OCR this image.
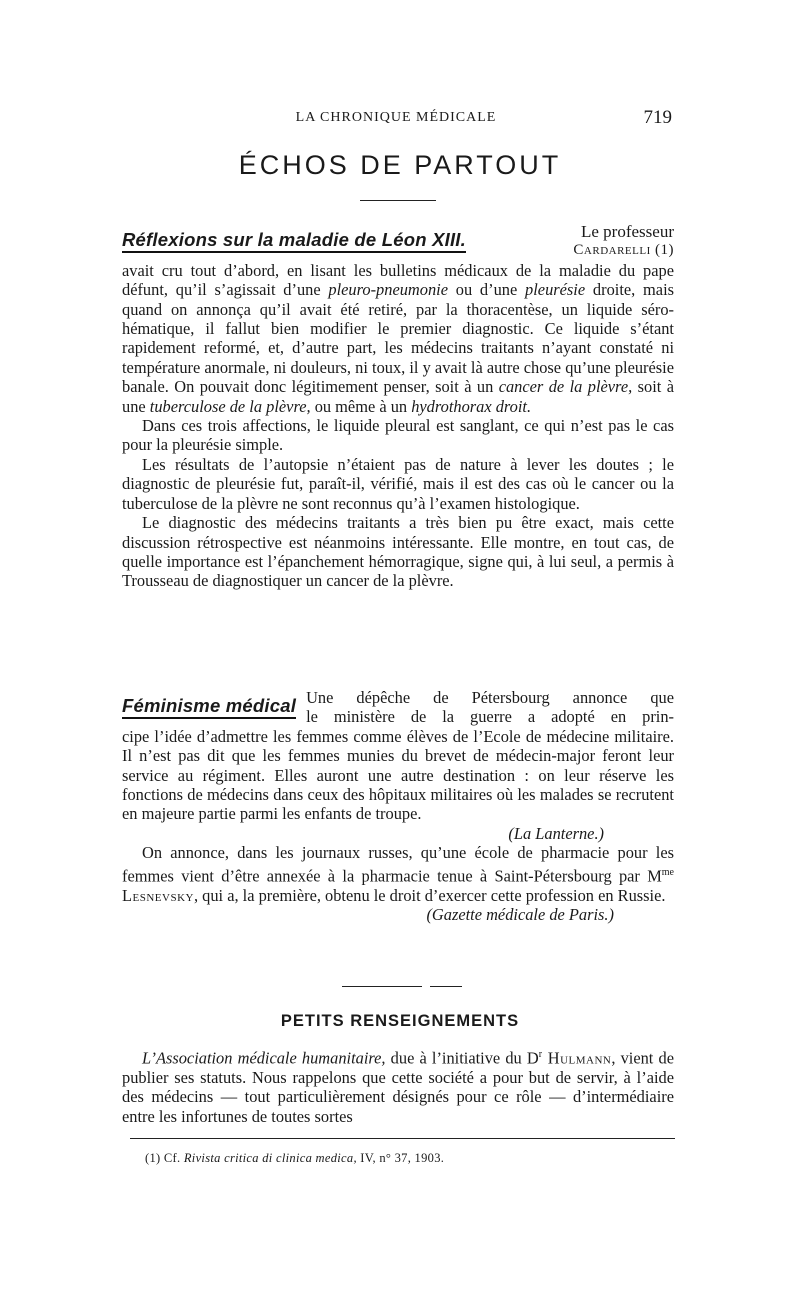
LA CHRONIQUE MÉDICALE	719
ÉCHOS DE PARTOUT
Réflexions sur la maladie de Léon XIII.	Le professeur
Cardarelli (1)

avait cru tout d’abord, en lisant les bulletins médicaux de la maladie du pape défunt, qu’il s’agissait d’une pleuro-pneumonie ou d’une pleurésie droite, mais quand on annonça qu’il avait été retiré, par la thoracentèse, un liquide séro-hématique, il fallut bien modifier le premier diagnostic. Ce liquide s’étant rapidement reformé, et, d’autre part, les médecins traitants n’ayant constaté ni température anormale, ni douleurs, ni toux, il y avait là autre chose qu’une pleurésie banale. On pouvait donc légitimement penser, soit à un cancer de la plèvre, soit à une tuberculose de la plèvre, ou même à un hydrothorax droit.

Dans ces trois affections, le liquide pleural est sanglant, ce qui n’est pas le cas pour la pleurésie simple.

Les résultats de l’autopsie n’étaient pas de nature à lever les doutes ; le diagnostic de pleurésie fut, paraît-il, vérifié, mais il est des cas où le cancer ou la tuberculose de la plèvre ne sont reconnus qu’à l’examen histologique.

Le diagnostic des médecins traitants a très bien pu être exact, mais cette discussion rétrospective est néanmoins intéressante. Elle montre, en tout cas, de quelle importance est l’épanchement hémorragique, signe qui, à lui seul, a permis à Trousseau de diagnostiquer un cancer de la plèvre.

Féminisme médical Une dépêche de Pétersbourg annonce que
le ministère de la guerre a adopté en prin-

cipe l’idée d’admettre les femmes comme élèves de l’Ecole de médecine militaire. Il n’est pas dit que les femmes munies du brevet de médecin-major feront leur service au régiment. Elles auront une autre destination : on leur réserve les fonctions de médecins dans ceux des hôpitaux militaires où les malades se recrutent en majeure partie parmi les enfants de troupe.

(La Lanterne.)

On annonce, dans les journaux russes, qu’une école de pharmacie pour les femmes vient d’être annexée à la pharmacie tenue à Saint-Pétersbourg par $M^{me}$ Lesnevsky, qui a, la première, obtenu le droit d’exercer cette profession en Russie.

(Gazette médicale de Paris.)
PETITS RENSEIGNEMENTS

L’Association médicale humanitaire, due à l’initiative du $D^r$ Hulmann, vient de publier ses statuts. Nous rappelons que cette société a pour but de servir, à l’aide des médecins — tout particulièrement désignés pour ce rôle — d’intermédiaire entre les infortunes de toutes sortes

(1) Cf. Rivista critica di clinica medica, IV, n° 37, 1903.
